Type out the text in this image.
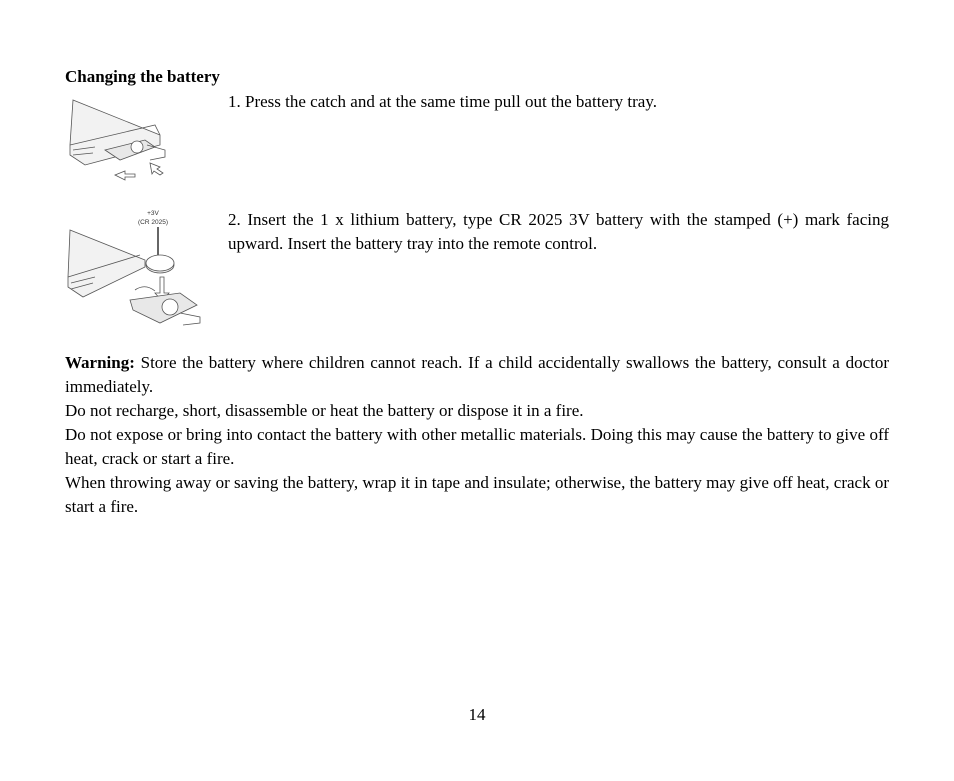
Changing the battery

1. Press the catch and at the same time pull out the battery tray.

+3V
(CR 2025)	2. Insert the 1 x lithium battery, type CR 2025 3V battery with the stamped (+) mark facing upward. Insert the battery tray into the remote control.

Warning: Store the battery where children cannot reach. If a child accidentally swallows the battery, consult a doctor immediately.

Do not recharge, short, disassemble or heat the battery or dispose it in a fire.

Do not expose or bring into contact the battery with other metallic materials. Doing this may cause the battery to give off heat, crack or start a fire.

When throwing away or saving the battery, wrap it in tape and insulate; otherwise, the battery may give off heat, crack or start a fire.

14
